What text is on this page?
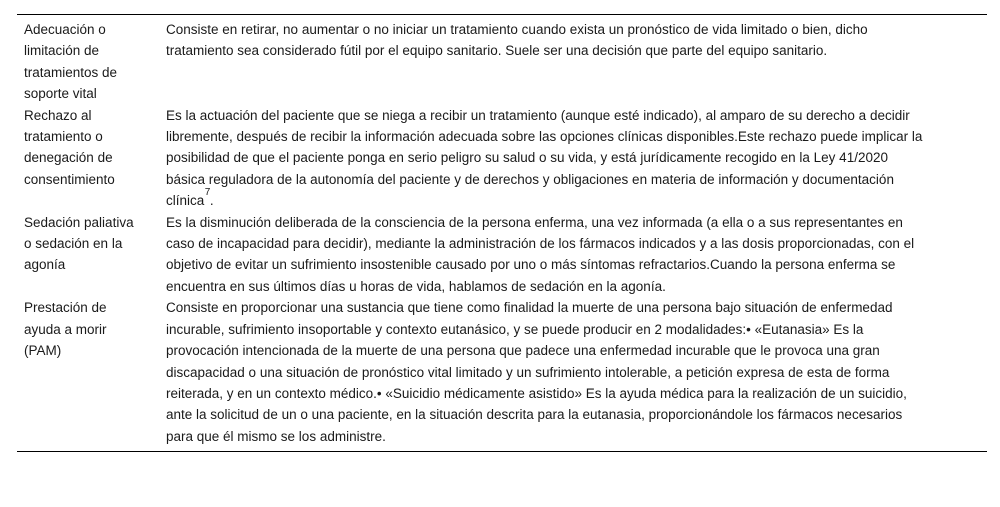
Adecuación o limitación de tratamientos de soporte vital	Consiste en retirar, no aumentar o no iniciar un tratamiento cuando exista un pronóstico de vida limitado o bien, dicho tratamiento sea considerado fútil por el equipo sanitario. Suele ser una decisión que parte del equipo sanitario.
Rechazo al tratamiento o denegación de consentimiento	Es la actuación del paciente que se niega a recibir un tratamiento (aunque esté indicado), al amparo de su derecho a decidir libremente, después de recibir la información adecuada sobre las opciones clínicas disponibles.Este rechazo puede implicar la posibilidad de que el paciente ponga en serio peligro su salud o su vida, y está jurídicamente recogido en la Ley 41/2020 básica reguladora de la autonomía del paciente y de derechos y obligaciones en materia de información y documentación clínica$^7$.
Sedación paliativa o sedación en la agonía	Es la disminución deliberada de la consciencia de la persona enferma, una vez informada (a ella o a sus representantes en caso de incapacidad para decidir), mediante la administración de los fármacos indicados y a las dosis proporcionadas, con el objetivo de evitar un sufrimiento insostenible causado por uno o más síntomas refractarios.Cuando la persona enferma se encuentra en sus últimos días u horas de vida, hablamos de sedación en la agonía.
Prestación de ayuda a morir (PAM)	Consiste en proporcionar una sustancia que tiene como finalidad la muerte de una persona bajo situación de enfermedad incurable, sufrimiento insoportable y contexto eutanásico, y se puede producir en 2 modalidades:• «Eutanasia» Es la provocación intencionada de la muerte de una persona que padece una enfermedad incurable que le provoca una gran discapacidad o una situación de pronóstico vital limitado y un sufrimiento intolerable, a petición expresa de esta de forma reiterada, y en un contexto médico.• «Suicidio médicamente asistido» Es la ayuda médica para la realización de un suicidio, ante la solicitud de un o una paciente, en la situación descrita para la eutanasia, proporcionándole los fármacos necesarios para que él mismo se los administre.
